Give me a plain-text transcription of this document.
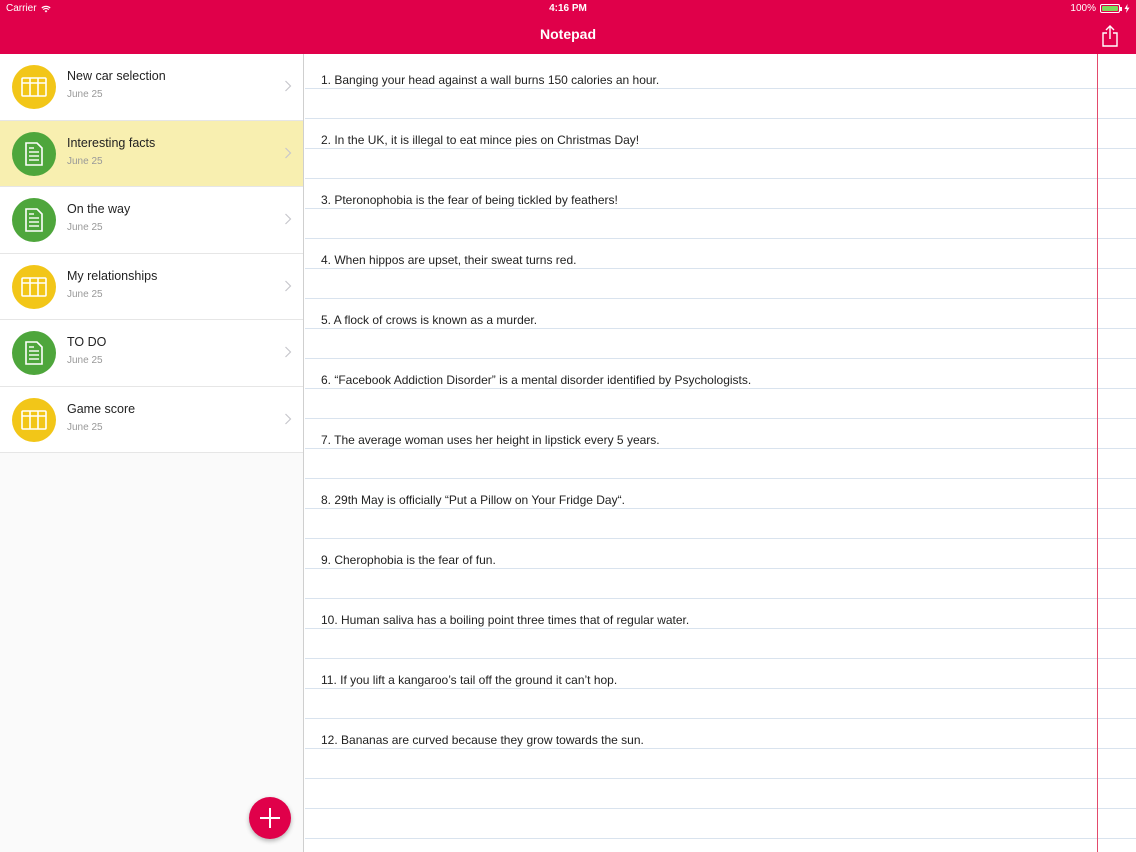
Carrier	4:16 PM	100%
Notepad
New car selection
June 25
Interesting facts
June 25
On the way
June 25
My relationships
June 25
TO DO
June 25
Game score
June 25
1. Banging your head against a wall burns 150 calories an hour.
2. In the UK, it is illegal to eat mince pies on Christmas Day!
3. Pteronophobia is the fear of being tickled by feathers!
4. When hippos are upset, their sweat turns red.
5. A flock of crows is known as a murder.
6. “Facebook Addiction Disorder” is a mental disorder identified by Psychologists.
7. The average woman uses her height in lipstick every 5 years.
8. 29th May is officially “Put a Pillow on Your Fridge Day“.
9. Cherophobia is the fear of fun.
10. Human saliva has a boiling point three times that of regular water.
11. If you lift a kangaroo’s tail off the ground it can’t hop.
12. Bananas are curved because they grow towards the sun.
